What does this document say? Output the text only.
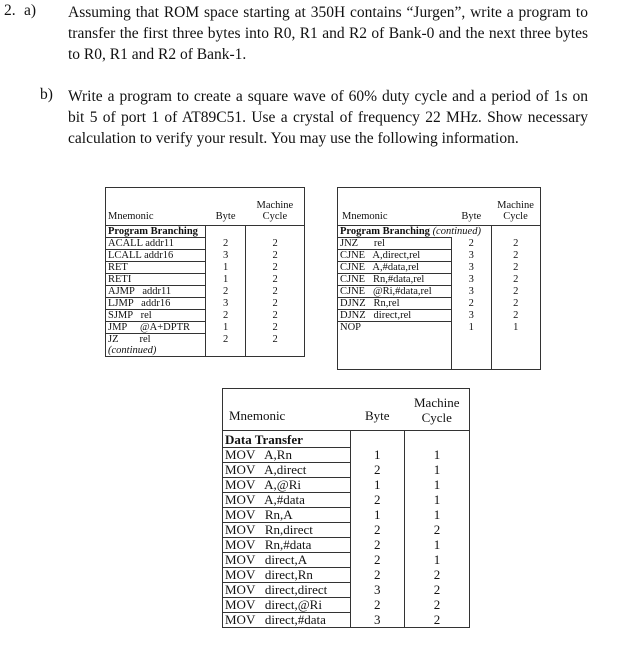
2. a) Assuming that ROM space starting at 350H contains “Jurgen”, write a program to transfer the first three bytes into R0, R1 and R2 of Bank-0 and the next three bytes to R0, R1 and R2 of Bank-1.
b) Write a program to create a square wave of 60% duty cycle and a period of 1s on bit 5 of port 1 of AT89C51. Use a crystal of frequency 22 MHz. Show necessary calculation to verify your result. You may use the following information.
Mnemonic	Byte	Machine Cycle
Program Branching		
ACALL addr11	2	2
LCALL addr16	3	2
RET	1	2
RETI	1	2
AJMP   addr11	2	2
LJMP   addr16	3	2
SJMP   rel	2	2
JMP     @A+DPTR	1	2
JZ        rel	2	2
(continued)		
Mnemonic	Byte	Machine Cycle
Program Branching (continued)		
JNZ      rel	2	2
CJNE   A,direct,rel	3	2
CJNE   A,#data,rel	3	2
CJNE   Rn,#data,rel	3	2
CJNE   @Ri,#data,rel	3	2
DJNZ   Rn,rel	2	2
DJNZ   direct,rel	3	2
NOP	1	1

Mnemonic	Byte	Machine Cycle
Data Transfer		
MOV   A,Rn	1	1
MOV   A,direct	2	1
MOV   A,@Ri	1	1
MOV   A,#data	2	1
MOV   Rn,A	1	1
MOV   Rn,direct	2	2
MOV   Rn,#data	2	1
MOV   direct,A	2	1
MOV   direct,Rn	2	2
MOV   direct,direct	3	2
MOV   direct,@Ri	2	2
MOV   direct,#data	3	2
